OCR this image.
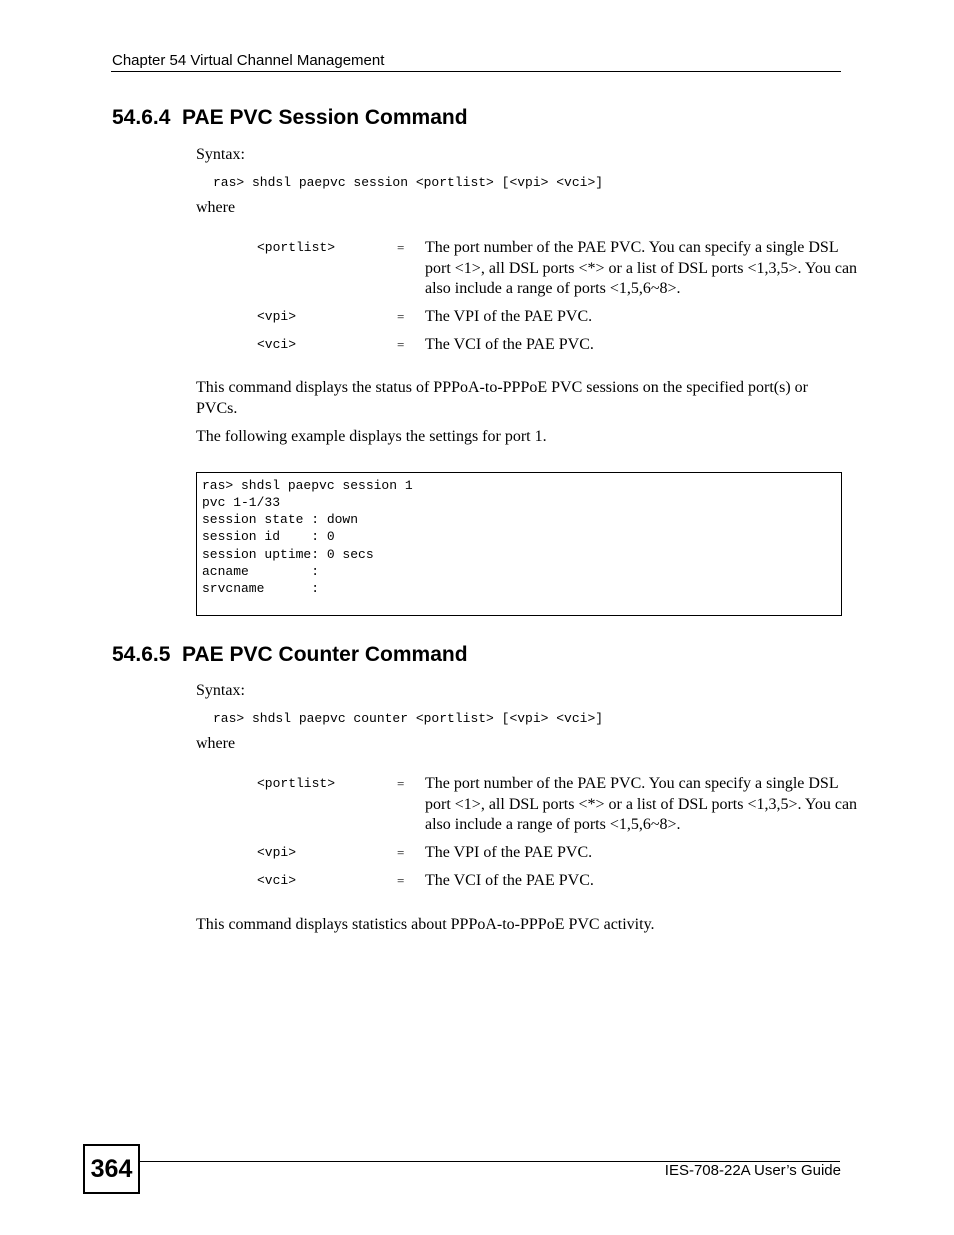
Chapter 54 Virtual Channel Management
54.6.4  PAE PVC Session Command
Syntax:
ras> shdsl paepvc session <portlist> [<vpi> <vci>]
where
<portlist>	= The port number of the PAE PVC. You can specify a single DSL port <1>, all DSL ports <*> or a list of DSL ports <1,3,5>. You can also include a range of ports <1,5,6~8>.
<vpi>	= The VPI of the PAE PVC.
<vci>	= The VCI of the PAE PVC.
This command displays the status of PPPoA-to-PPPoE PVC sessions on the specified port(s) or PVCs.
The following example displays the settings for port 1.
ras> shdsl paepvc session 1
pvc 1-1/33
session state : down
session id    : 0
session uptime: 0 secs
acname        :
srvcname      :
54.6.5  PAE PVC Counter Command
Syntax:
ras> shdsl paepvc counter <portlist> [<vpi> <vci>]
where
<portlist>	= The port number of the PAE PVC. You can specify a single DSL port <1>, all DSL ports <*> or a list of DSL ports <1,3,5>. You can also include a range of ports <1,5,6~8>.
<vpi>	= The VPI of the PAE PVC.
<vci>	= The VCI of the PAE PVC.
This command displays statistics about PPPoA-to-PPPoE PVC activity.
364	IES-708-22A User’s Guide
